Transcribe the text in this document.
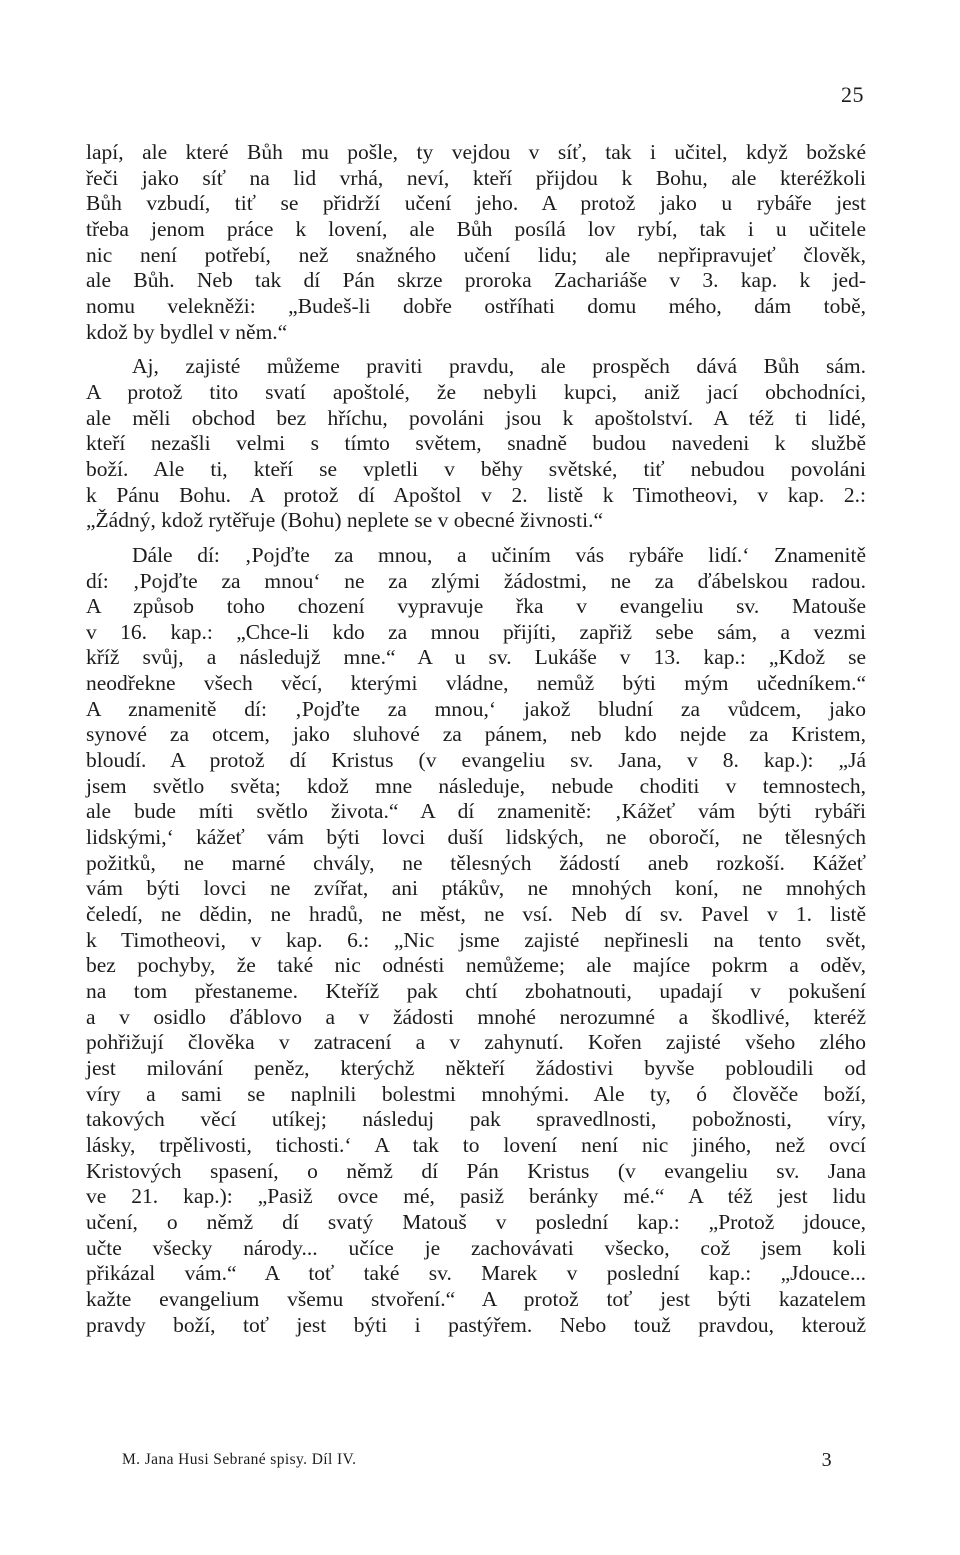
25
lapí, ale které Bůh mu pošle, ty vejdou v síť, tak i učitel, když božské
řeči jako síť na lid vrhá, neví, kteří přijdou k Bohu, ale kteréžkoli
Bůh vzbudí, tiť se přidrží učení jeho. A protož jako u rybáře jest
třeba jenom práce k lovení, ale Bůh posílá lov rybí, tak i u učitele
nic není potřebí, než snažného učení lidu; ale nepřipravujeť člověk,
ale Bůh. Neb tak dí Pán skrze proroka Zachariáše v 3. kap. k jed-
nomu velekněži: „Budeš-li dobře ostříhati domu mého, dám tobě,
kdož by bydlel v něm.“
Aj, zajisté můžeme praviti pravdu, ale prospěch dává Bůh sám.
A protož tito svatí apoštolé, že nebyli kupci, aniž jací obchodníci,
ale měli obchod bez hříchu, povoláni jsou k apoštolství. A též ti lidé,
kteří nezašli velmi s tímto světem, snadně budou navedeni k službě
boží. Ale ti, kteří se vpletli v běhy světské, tiť nebudou povoláni
k Pánu Bohu. A protož dí Apoštol v 2. listě k Timotheovi, v kap. 2.:
„Žádný, kdož rytěřuje (Bohu) neplete se v obecné živnosti.“
Dále dí: ‚Pojďte za mnou, a učiním vás rybáře lidí.‘ Znamenitě
dí: ‚Pojďte za mnou‘ ne za zlými žádostmi, ne za ďábelskou radou.
A způsob toho chození vypravuje řka v evangeliu sv. Matouše
v 16. kap.: „Chce-li kdo za mnou přijíti, zapřiž sebe sám, a vezmi
kříž svůj, a následujž mne.“ A u sv. Lukáše v 13. kap.: „Kdož se
neodřekne všech věcí, kterými vládne, nemůž býti mým učedníkem.“
A znamenitě dí: ‚Pojďte za mnou,‘ jakož bludní za vůdcem, jako
synové za otcem, jako sluhové za pánem, neb kdo nejde za Kristem,
bloudí. A protož dí Kristus (v evangeliu sv. Jana, v 8. kap.): „Já
jsem světlo světa; kdož mne následuje, nebude choditi v temnostech,
ale bude míti světlo života.“ A dí znamenitě: ‚Kážeť vám býti rybáři
lidskými,‘ kážeť vám býti lovci duší lidských, ne oboročí, ne tělesných
požitků, ne marné chvály, ne tělesných žádostí aneb rozkoší. Kážeť
vám býti lovci ne zvířat, ani ptákův, ne mnohých koní, ne mnohých
čeledí, ne dědin, ne hradů, ne měst, ne vsí. Neb dí sv. Pavel v 1. listě
k Timotheovi, v kap. 6.: „Nic jsme zajisté nepřinesli na tento svět,
bez pochyby, že také nic odnésti nemůžeme; ale majíce pokrm a oděv,
na tom přestaneme. Kteříž pak chtí zbohatnouti, upadají v pokušení
a v osidlo ďáblovo a v žádosti mnohé nerozumné a škodlivé, kteréž
pohřižují člověka v zatracení a v zahynutí. Kořen zajisté všeho zlého
jest milování peněz, kterýchž někteří žádostivi byvše pobloudili od
víry a sami se naplnili bolestmi mnohými. Ale ty, ó člověče boží,
takových věcí utíkej; následuj pak spravedlnosti, pobožnosti, víry,
lásky, trpělivosti, tichosti.‘ A tak to lovení není nic jiného, než ovcí
Kristových spasení, o němž dí Pán Kristus (v evangeliu sv. Jana
ve 21. kap.): „Pasiž ovce mé, pasiž beránky mé.“ A též jest lidu
učení, o němž dí svatý Matouš v poslední kap.: „Protož jdouce,
učte všecky národy... učíce je zachovávati všecko, což jsem koli
přikázal vám.“ A toť také sv. Marek v poslední kap.: „Jdouce...
kažte evangelium všemu stvoření.“ A protož toť jest býti kazatelem
pravdy boží, toť jest býti i pastýřem. Nebo touž pravdou, kterouž
M. Jana Husi Sebrané spisy. Díl IV.	3
